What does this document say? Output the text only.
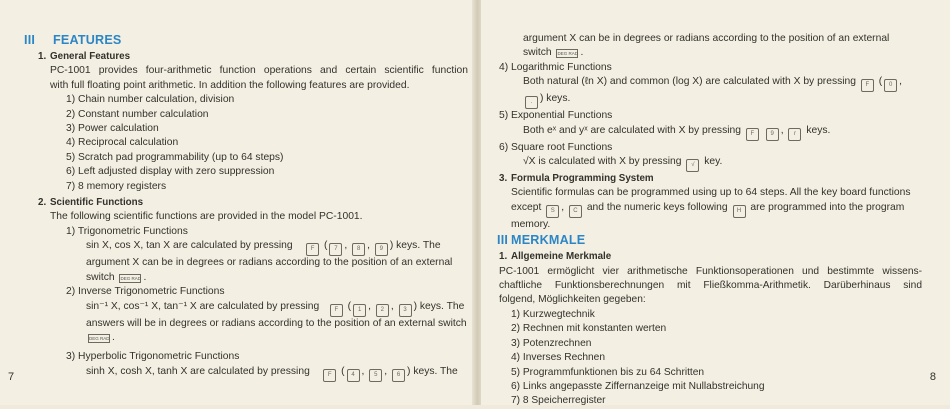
III FEATURES
1. General Features
PC-1001 provides four-arithmetic function operations and certain scientific function
with full floating point arithmetic. In addition the following features are provided.
1) Chain number calculation, division
2) Constant number calculation
3) Power calculation
4) Reciprocal calculation
5) Scratch pad programmability (up to 64 steps)
6) Left adjusted display with zero suppression
7) 8 memory registers
2. Scientific Functions
The following scientific functions are provided in the model PC-1001.
1) Trigonometric Functions
sin X, cos X, tan X are calculated by pressing	F ( 7 , 8 , 9 ) keys. The
argument X can be in degrees or radians according to the position of an external
switch DEG RAD .
2) Inverse Trigonometric Functions
sin⁻¹ X, cos⁻¹ X, tan⁻¹ X are calculated by pressing	F ( 1 , 2 , 3 ) keys. The
answers will be in degrees or radians according to the position of an external switch
DEG RAD .
3) Hyperbolic Trigonometric Functions
sinh X, cosh X, tanh X are calculated by pressing	F ( 4 , 5 , 6 ) keys. The
7
argument X can be in degrees or radians according to the position of an external
switch DEG RAD .
4) Logarithmic Functions
Both natural (ℓn X) and common (log X) are calculated with X by pressing F ( 0 ,
. ) keys.
5) Exponential Functions
Both eˣ and yˣ are calculated with X by pressing F	9 , r keys.
6) Square root Functions
√X is calculated with X by pressing √ key.
3. Formula Programming System
Scientific formulas can be programmed using up to 64 steps. All the key board functions
except S , C and the numeric keys following H are programmed into the program
memory.
III MERKMALE
1. Allgemeine Merkmale
PC-1001 ermöglicht vier arithmetische Funktionsoperationen und bestimmte wissens-
chaftliche Funktionsberechnungen mit Fließkomma-Arithmetik. Darüberhinaus sind
folgend, Möglichkeiten gegeben:
1) Kurzwegtechnik
2) Rechnen mit konstanten werten
3) Potenzrechnen
4) Inverses Rechnen
5) Programmfunktionen bis zu 64 Schritten
6) Links angepasste Ziffernanzeige mit Nullabstreichung
7) 8 Speicherregister
8
